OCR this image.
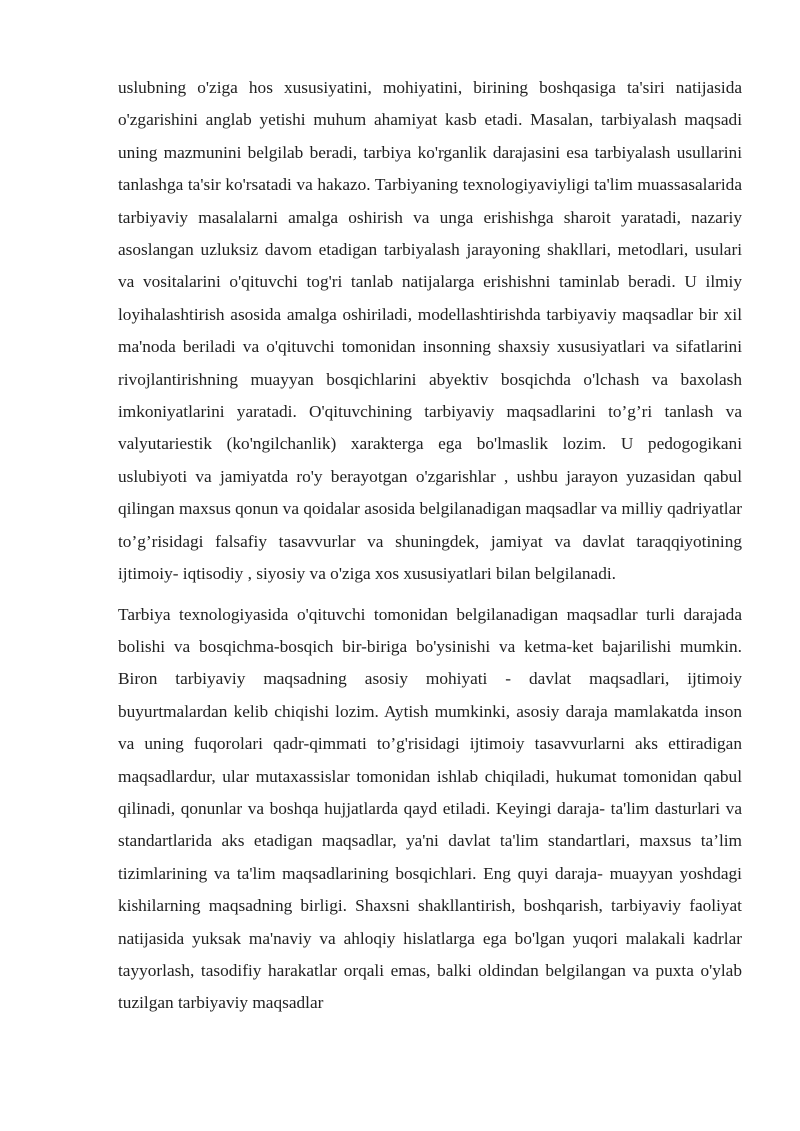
uslubning o'ziga hos xususiyatini, mohiyatini, birining boshqasiga ta'siri natijasida o'zgarishini anglab yetishi muhum ahamiyat kasb etadi. Masalan, tarbiyalash maqsadi uning mazmunini belgilab beradi, tarbiya ko'rganlik darajasini esa tarbiyalash usullarini tanlashga ta'sir ko'rsatadi va hakazo. Tarbiyaning texnologiyaviyligi ta'lim muassasalarida tarbiyaviy masalalarni amalga oshirish va unga erishishga sharoit yaratadi, nazariy asoslangan uzluksiz davom etadigan tarbiyalash jarayoning shakllari, metodlari, usulari va vositalarini o'qituvchi tog'ri tanlab natijalarga erishishni taminlab beradi. U ilmiy loyihalashtirish asosida amalga oshiriladi, modellashtirishda tarbiyaviy maqsadlar bir xil ma'noda beriladi va o'qituvchi tomonidan insonning shaxsiy xususiyatlari va sifatlarini rivojlantirishning muayyan bosqichlarini abyektiv bosqichda o'lchash va baxolash imkoniyatlarini yaratadi. O'qituvchining tarbiyaviy maqsadlarini to’g’ri tanlash va valyutariestik (ko'ngilchanlik) xarakterga ega bo'lmaslik lozim. U pedogogikani uslubiyoti va jamiyatda ro'y berayotgan o'zgarishlar , ushbu jarayon yuzasidan qabul qilingan maxsus qonun va qoidalar asosida belgilanadigan maqsadlar va milliy qadriyatlar to’g’risidagi falsafiy tasavvurlar va shuningdek, jamiyat va davlat taraqqiyotining ijtimoiy- iqtisodiy , siyosiy va o'ziga xos xususiyatlari bilan belgilanadi.

Tarbiya texnologiyasida o'qituvchi tomonidan belgilanadigan maqsadlar turli darajada bolishi va bosqichma-bosqich bir-biriga bo'ysinishi va ketma-ket bajarilishi mumkin. Biron tarbiyaviy maqsadning asosiy mohiyati - davlat maqsadlari, ijtimoiy buyurtmalardan kelib chiqishi lozim. Aytish mumkinki, asosiy daraja mamlakatda inson va uning fuqorolari qadr-qimmati to’g'risidagi ijtimoiy tasavvurlarni aks ettiradigan maqsadlardur, ular mutaxassislar tomonidan ishlab chiqiladi, hukumat tomonidan qabul qilinadi, qonunlar va boshqa hujjatlarda qayd etiladi. Keyingi daraja- ta'lim dasturlari va standartlarida aks etadigan maqsadlar, ya'ni davlat ta'lim standartlari, maxsus ta’lim tizimlarining va ta'lim maqsadlarining bosqichlari. Eng quyi daraja- muayyan yoshdagi kishilarning maqsadning birligi. Shaxsni shakllantirish, boshqarish, tarbiyaviy faoliyat natijasida yuksak ma'naviy va ahloqiy hislatlarga ega bo'lgan yuqori malakali kadrlar tayyorlash, tasodifiy harakatlar orqali emas, balki oldindan belgilangan va puxta o'ylab tuzilgan tarbiyaviy maqsadlar
